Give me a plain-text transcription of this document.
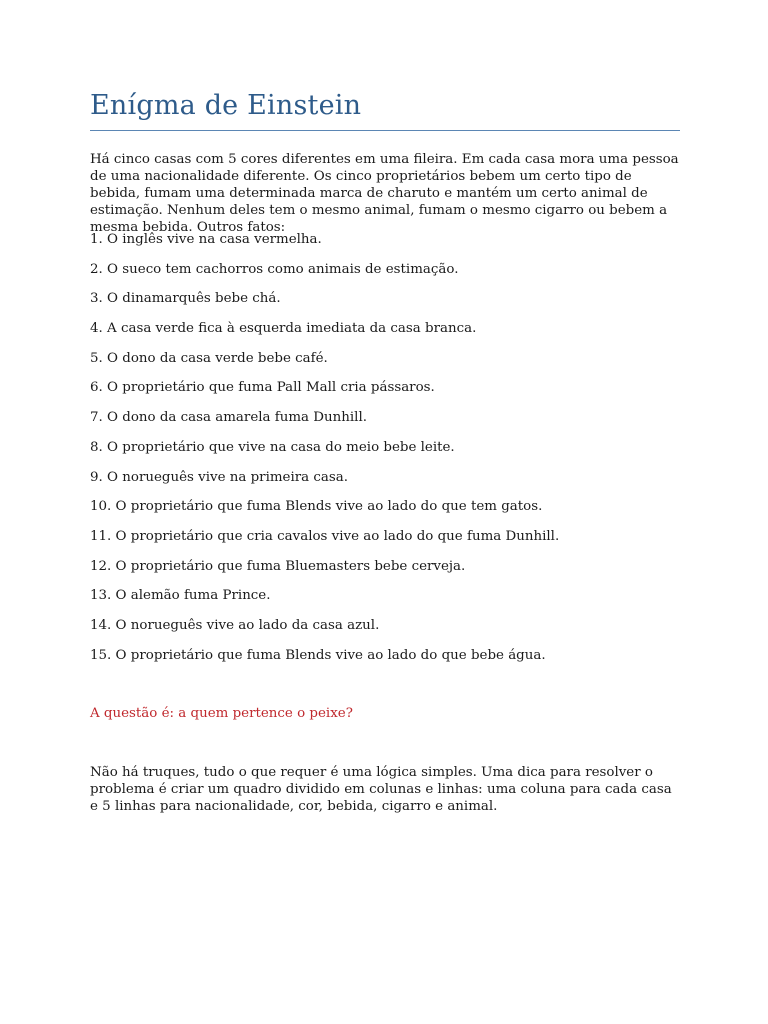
Enígma de Einstein

Há cinco casas com 5 cores diferentes em uma fileira. Em cada casa mora uma pessoa de uma nacionalidade diferente. Os cinco proprietários bebem um certo tipo de bebida, fumam uma determinada marca de charuto e mantém um certo animal de estimação. Nenhum deles tem o mesmo animal, fumam o mesmo cigarro ou bebem a mesma bebida. Outros fatos:

1. O inglês vive na casa vermelha.
2. O sueco tem cachorros como animais de estimação.
3. O dinamarquês bebe chá.
4. A casa verde fica à esquerda imediata da casa branca.
5. O dono da casa verde bebe café.
6. O proprietário que fuma Pall Mall cria pássaros.
7. O dono da casa amarela fuma Dunhill.
8. O proprietário que vive na casa do meio bebe leite.
9. O norueguês vive na primeira casa.
10. O proprietário que fuma Blends vive ao lado do que tem gatos.
11. O proprietário que cria cavalos vive ao lado do que fuma Dunhill.
12. O proprietário que fuma Bluemasters bebe cerveja.
13. O alemão fuma Prince.
14. O norueguês vive ao lado da casa azul.
15. O proprietário que fuma Blends vive ao lado do que bebe água.

A questão é: a quem pertence o peixe?

Não há truques, tudo o que requer é uma lógica simples. Uma dica para resolver o problema é criar um quadro dividido em colunas e linhas: uma coluna para cada casa e 5 linhas para nacionalidade, cor, bebida, cigarro e animal.
